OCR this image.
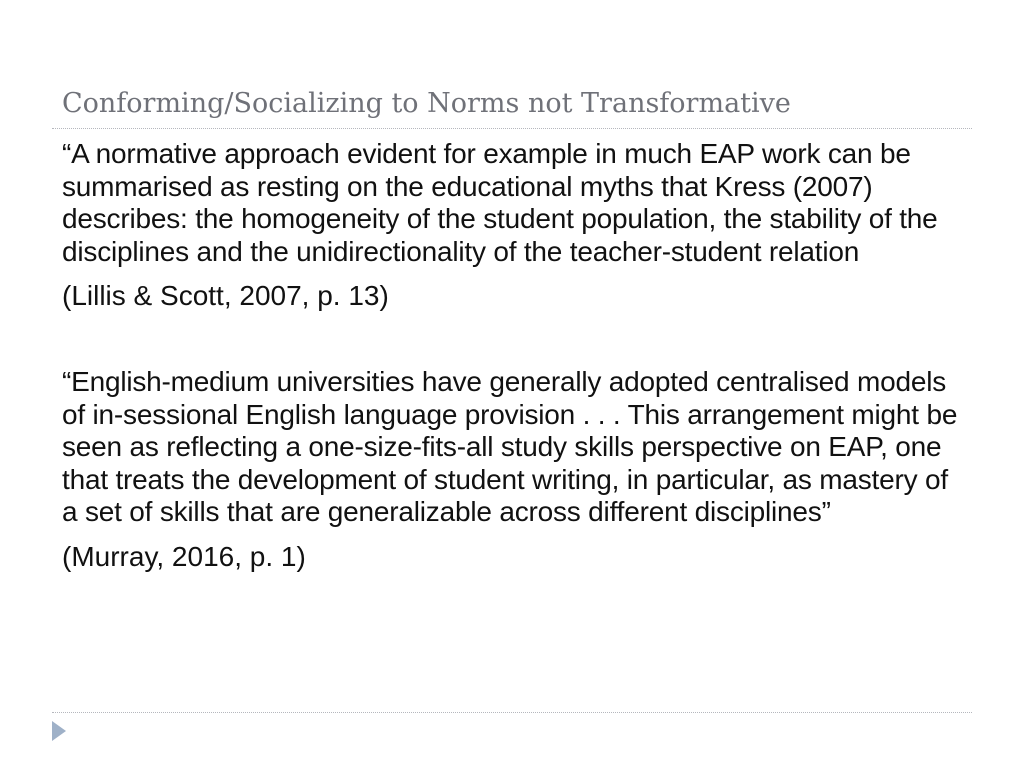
Conforming/Socializing to Norms not Transformative

“A normative approach evident for example in much EAP work can be summarised as resting on the educational myths that Kress (2007) describes: the homogeneity of the student population, the stability of the disciplines and the unidirectionality of the teacher-student relation

(Lillis & Scott, 2007, p. 13)

“English-medium universities have generally adopted centralised models of in-sessional English language provision . . . This arrangement might be seen as reflecting a one-size-fits-all study skills perspective on EAP, one that treats the development of student writing, in particular, as mastery of a set of skills that are generalizable across different disciplines”

(Murray, 2016, p. 1)
